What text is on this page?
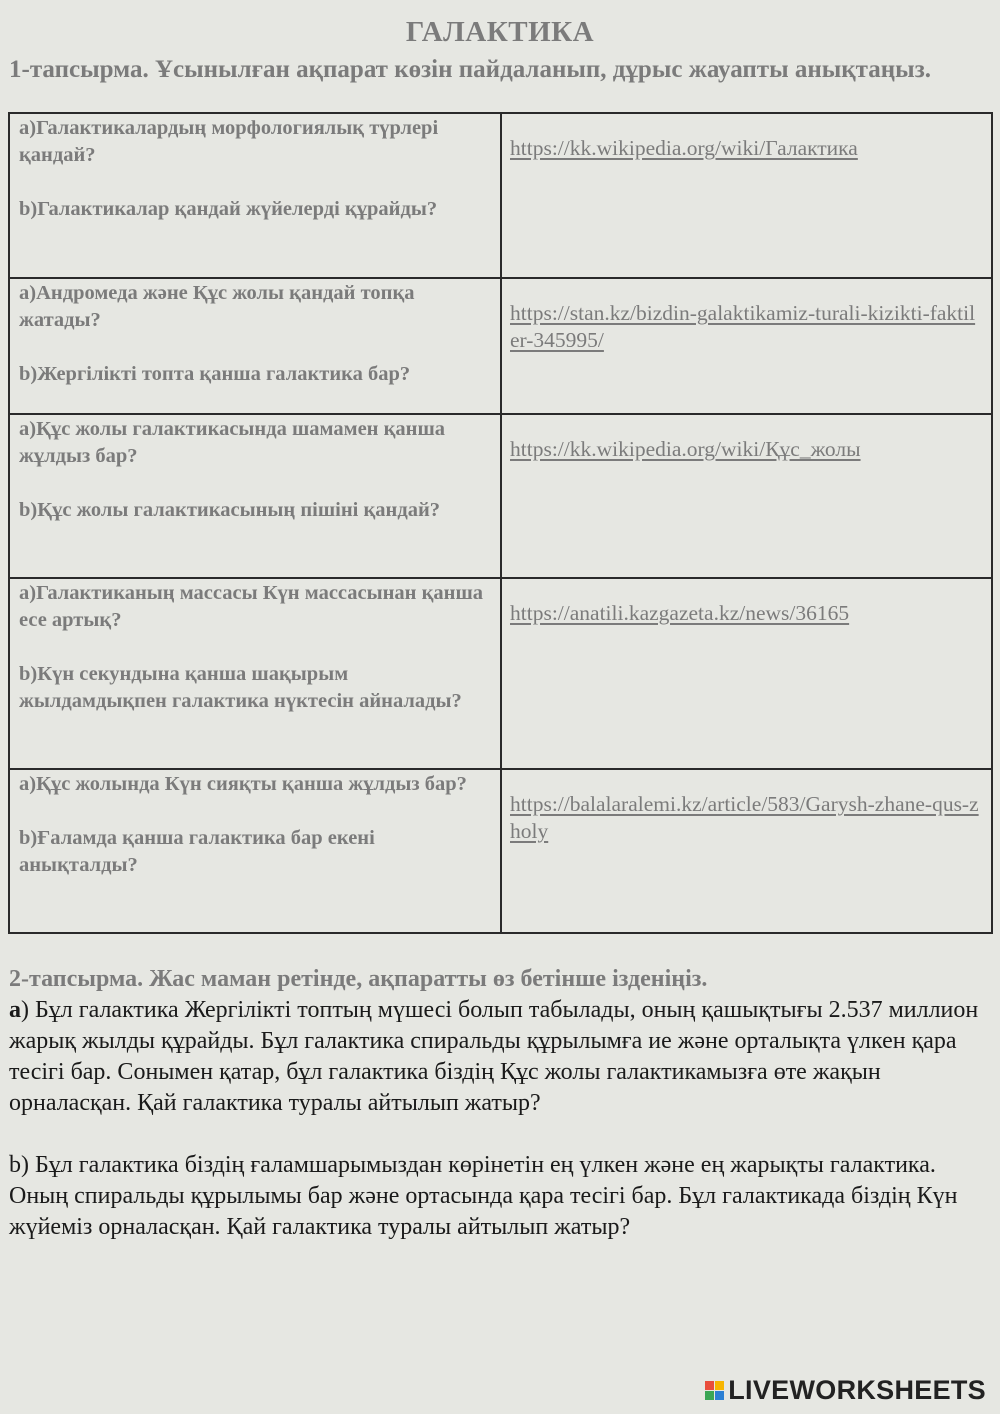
ГАЛАКТИКА
1-тапсырма. Ұсынылған ақпарат көзін пайдаланып, дұрыс жауапты анықтаңыз.
a)Галактикалардың морфологиялық түрлері қандай?
b)Галактикалар қандай жүйелерді құрайды?	https://kk.wikipedia.org/wiki/Галактика

a)Андромеда және Құс жолы қандай топқа жатады?
b)Жергілікті топта қанша галактика бар?	https://stan.kz/bizdin-galaktikamiz-turali-kizikti-faktiler-345995/

a)Құс жолы галактикасында шамамен қанша жұлдыз бар?
b)Құс жолы галактикасының пішіні қандай?	https://kk.wikipedia.org/wiki/Құс_жолы

a)Галактиканың массасы Күн массасынан қанша есе артық?
b)Күн секундына қанша шақырым жылдамдықпен галактика нүктесін айналады?	https://anatili.kazgazeta.kz/news/36165

a)Құс жолында Күн сияқты қанша жұлдыз бар?
b)Ғаламда қанша галактика бар екені анықталды?	https://balalaralemi.kz/article/583/Garysh-zhane-qus-zholy
2-тапсырма. Жас маман ретінде, ақпаратты өз бетінше ізденіңіз.
a) Бұл галактика Жергілікті топтың мүшесі болып табылады, оның қашықтығы 2.537 миллион жарық жылды құрайды. Бұл галактика спиральды құрылымға ие және орталықта үлкен қара тесігі бар. Сонымен қатар, бұл галактика біздің Құс жолы галактикамызға өте жақын орналасқан. Қай галактика туралы айтылып жатыр?
b) Бұл галактика біздің ғаламшарымыздан көрінетін ең үлкен және ең жарықты галактика. Оның спиральды құрылымы бар және ортасында қара тесігі бар. Бұл галактикада біздің Күн жүйеміз орналасқан. Қай галактика туралы айтылып жатыр?
LIVEWORKSHEETS
